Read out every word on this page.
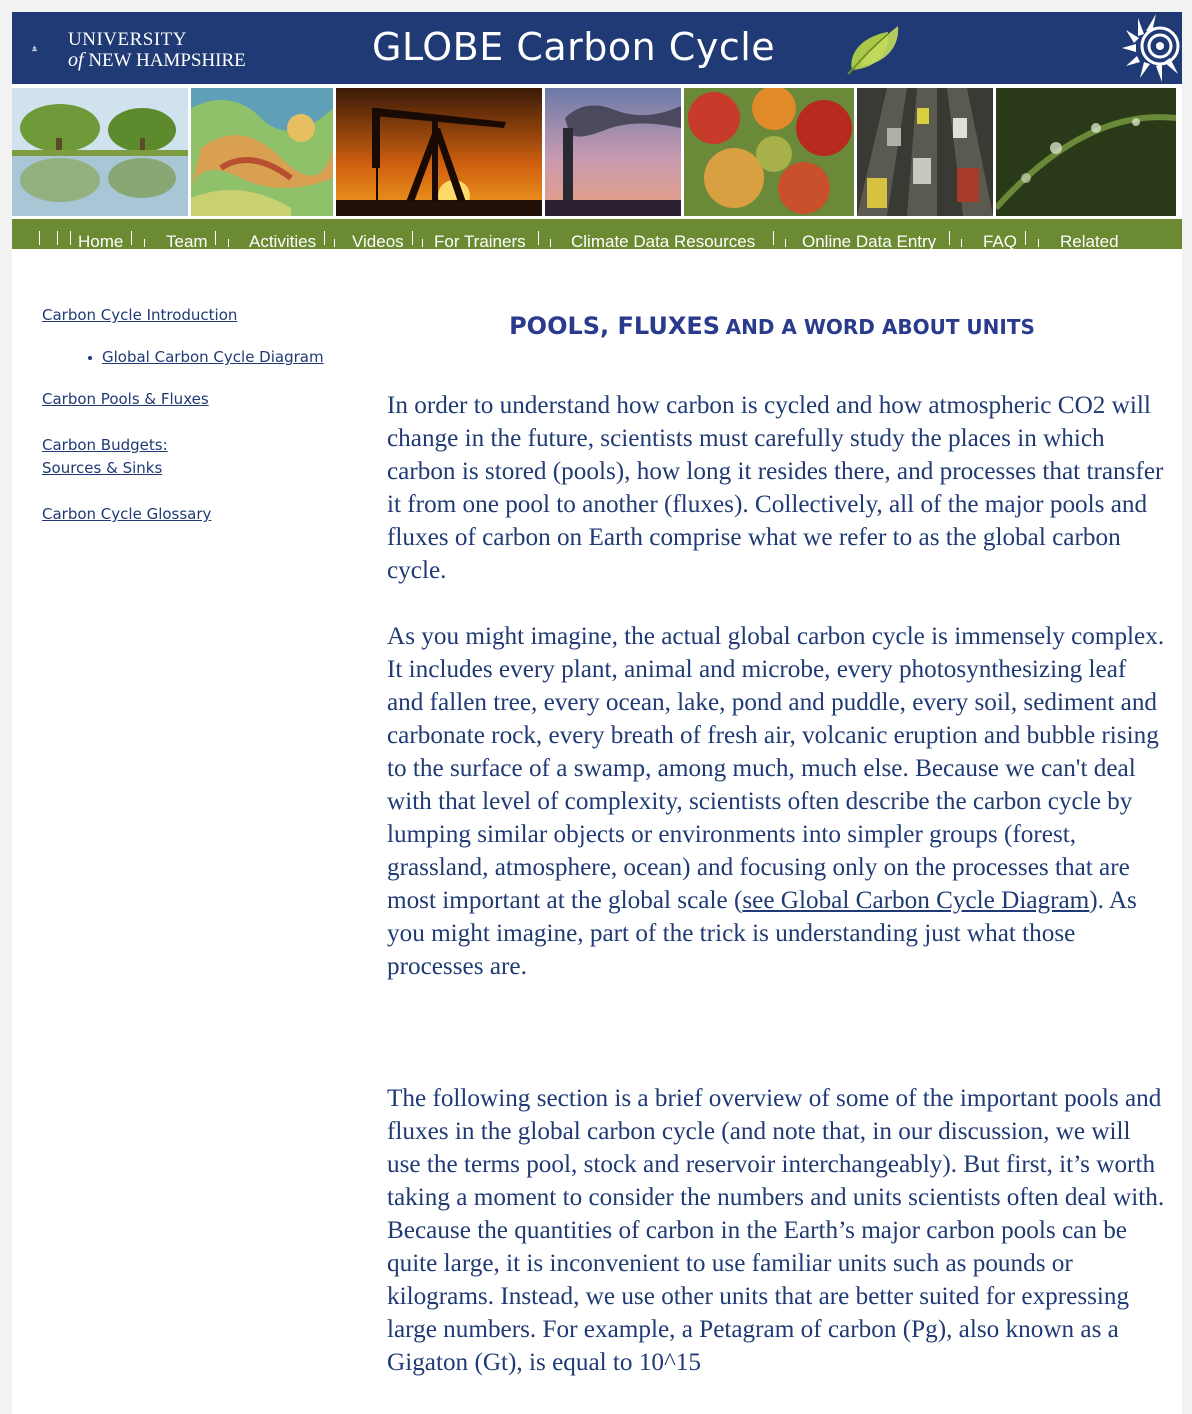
UNIVERSITY
of NEW HAMPSHIRE	GLOBE Carbon Cycle
Home	Team Activities Videos For Trainers	Climate Data Resources	Online Data Entry	FAQ	Related
Carbon Cycle Introduction
Global Carbon Cycle Diagram
Carbon Pools & Fluxes
Carbon Budgets:
Sources & Sinks
Carbon Cycle Glossary
POOLS, FLUXES AND A WORD ABOUT UNITS
In order to understand how carbon is cycled and how atmospheric CO2 will change in the future, scientists must carefully study the places in which carbon is stored (pools), how long it resides there, and processes that transfer it from one pool to another (fluxes). Collectively, all of the major pools and fluxes of carbon on Earth comprise what we refer to as the global carbon cycle.
As you might imagine, the actual global carbon cycle is immensely complex. It includes every plant, animal and microbe, every photosynthesizing leaf and fallen tree, every ocean, lake, pond and puddle, every soil, sediment and carbonate rock, every breath of fresh air, volcanic eruption and bubble rising to the surface of a swamp, among much, much else. Because we can't deal with that level of complexity, scientists often describe the carbon cycle by lumping similar objects or environments into simpler groups (forest, grassland, atmosphere, ocean) and focusing only on the processes that are most important at the global scale (see Global Carbon Cycle Diagram). As you might imagine, part of the trick is understanding just what those processes are.
The following section is a brief overview of some of the important pools and fluxes in the global carbon cycle (and note that, in our discussion, we will use the terms pool, stock and reservoir interchangeably). But first, it’s worth taking a moment to consider the numbers and units scientists often deal with. Because the quantities of carbon in the Earth’s major carbon pools can be quite large, it is inconvenient to use familiar units such as pounds or kilograms. Instead, we use other units that are better suited for expressing large numbers. For example, a Petagram of carbon (Pg), also known as a Gigaton (Gt), is equal to 10^15
